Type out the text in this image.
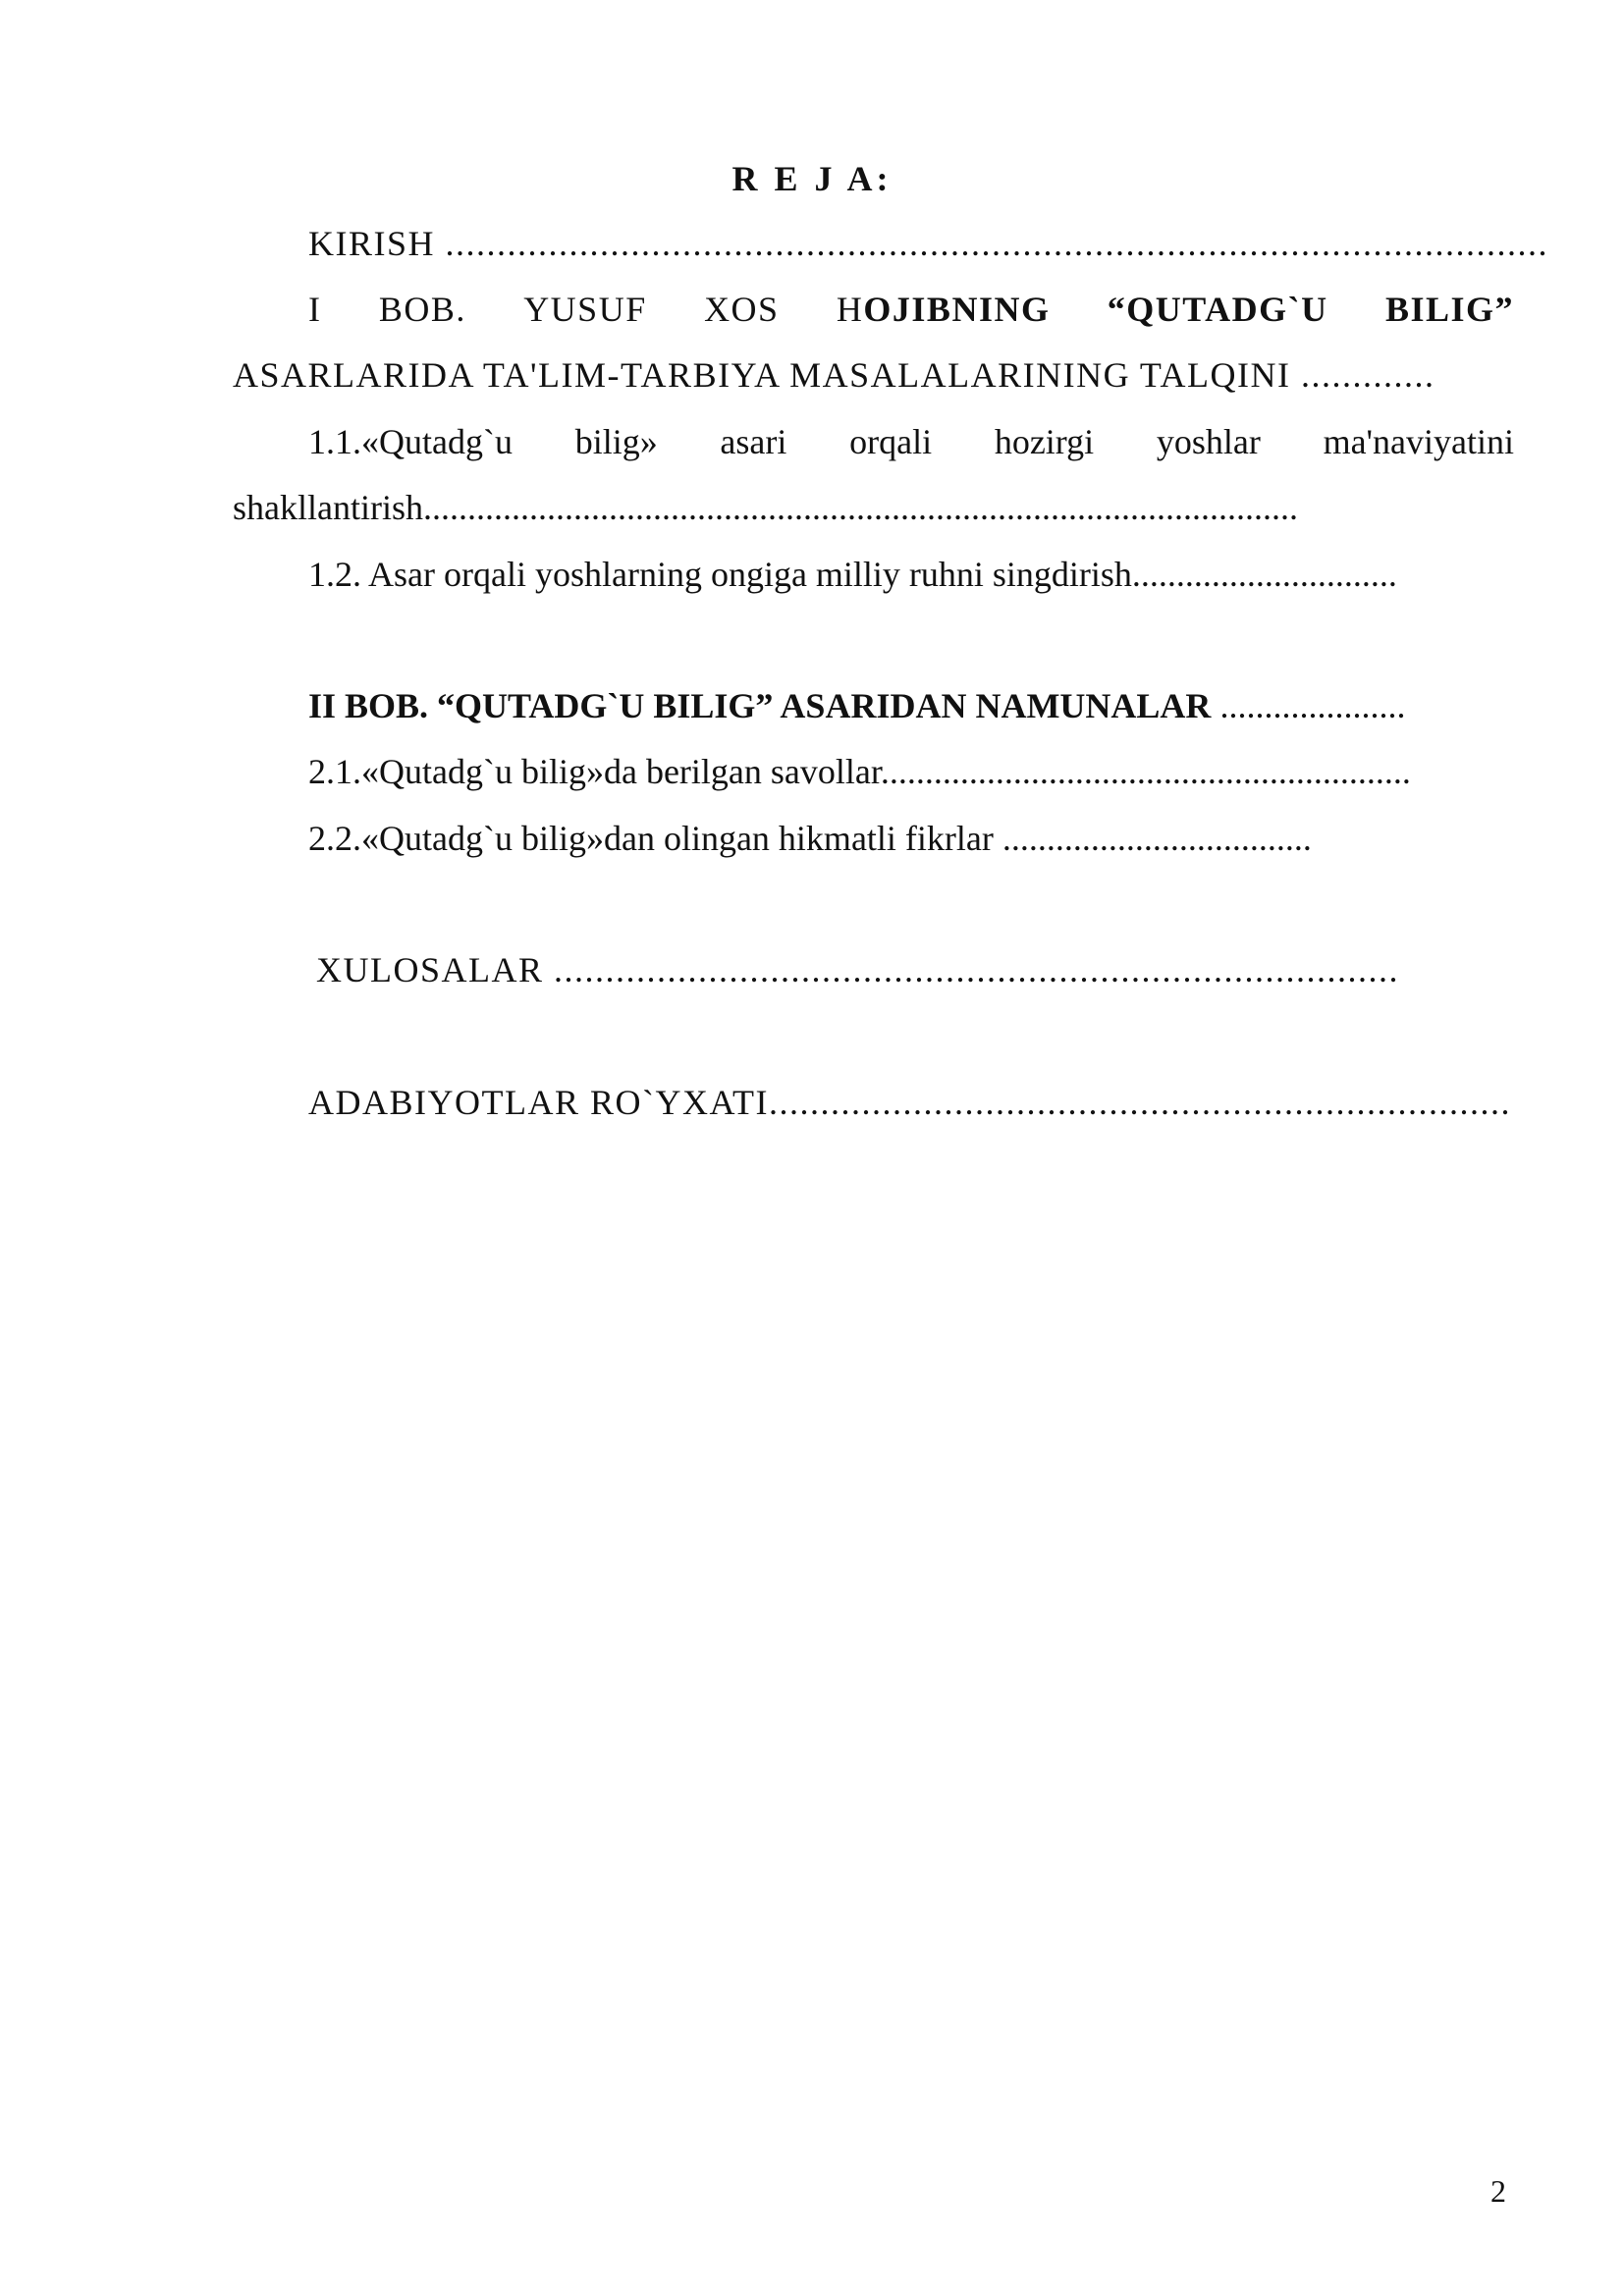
R E J A:
KIRISH ...........................................................................................................
I BOB. YUSUF XOS HOJIBNING “QUTADG`U BILIG”
ASARLARIDA TA'LIM-TARBIYA MASALALARINING TALQINI .............
1.1.«Qutadg`u bilig» asari orqali hozirgi yoshlar ma'naviyatini
shakllantirish...................................................................................................
1.2. Asar orqali yoshlarning ongiga milliy ruhni singdirish..............................
II BOB. “QUTADG`U BILIG” ASARIDAN NAMUNALAR .....................
2.1.«Qutadg`u bilig»da berilgan savollar............................................................
2.2.«Qutadg`u bilig»dan olingan hikmatli fikrlar ...................................
XULOSALAR ..................................................................................
ADABIYOTLAR RO`YXATI........................................................................
2
